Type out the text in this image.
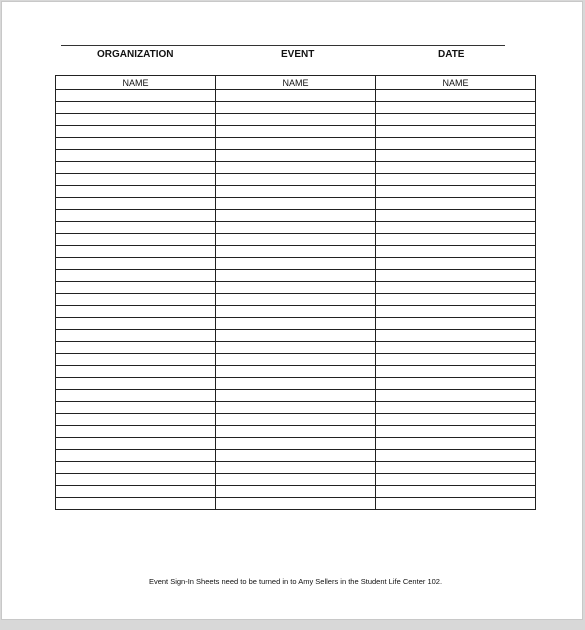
ORGANIZATION	EVENT	DATE
NAME	NAME	NAME

Event Sign-In Sheets need to be turned in to Amy Sellers in the Student Life Center 102.
